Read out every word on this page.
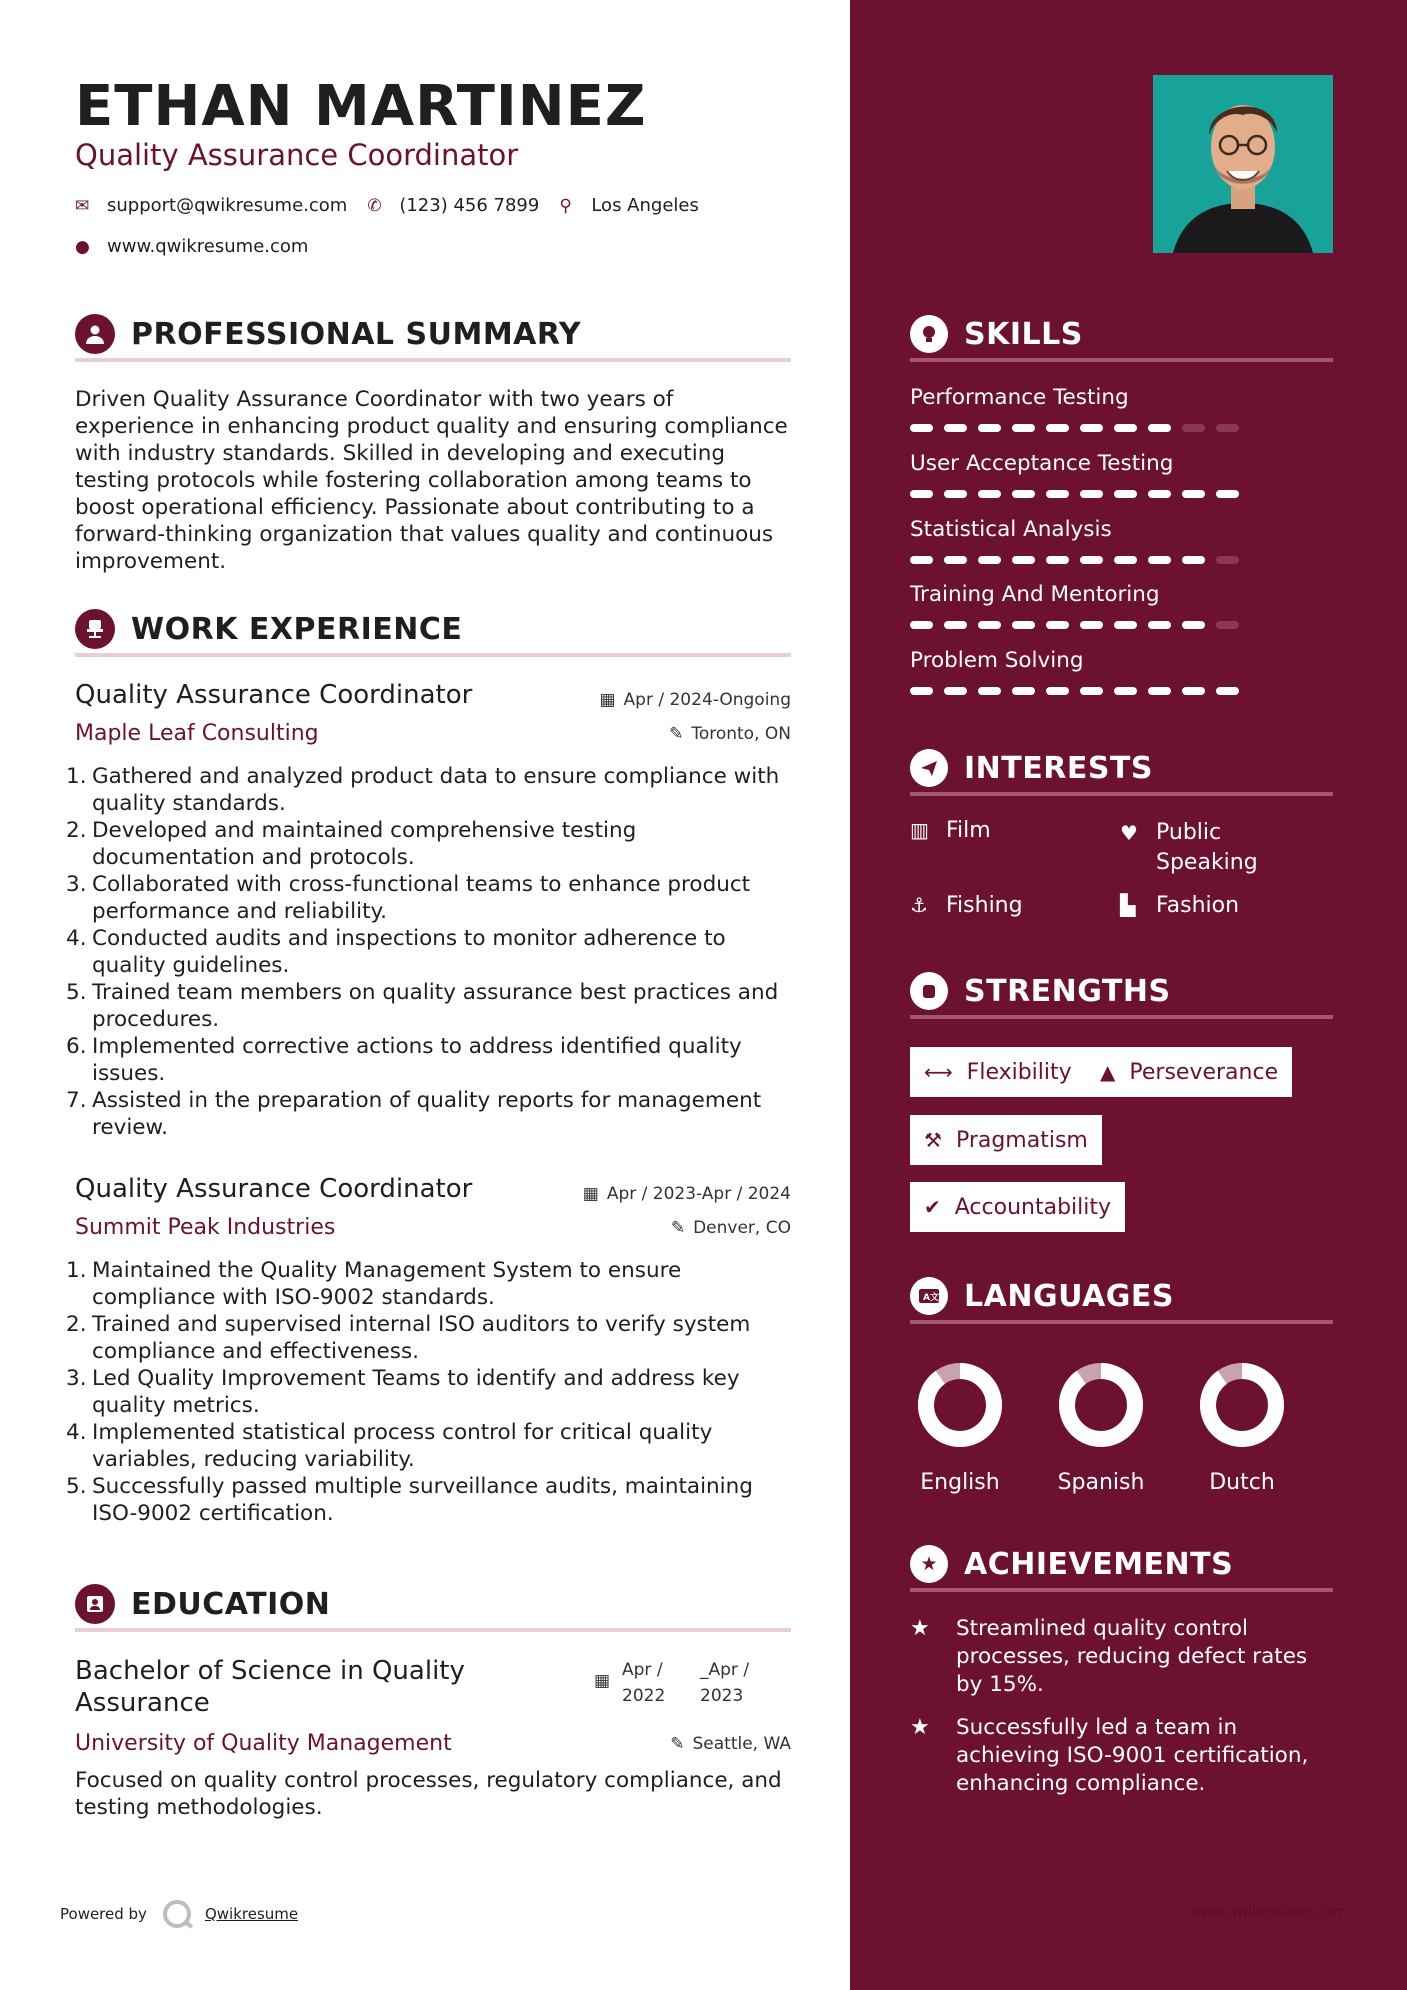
ETHAN MARTINEZ
Quality Assurance Coordinator
✉ support@qwikresume.com ✆ (123) 456 7899 ⚲	Los Angeles
● www.qwikresume.com
PROFESSIONAL SUMMARY
Driven Quality Assurance Coordinator with two years of experience in enhancing product quality and ensuring compliance with industry standards. Skilled in developing and executing testing protocols while fostering collaboration among teams to boost operational efficiency. Passionate about contributing to a forward-thinking organization that values quality and continuous improvement.
WORK EXPERIENCE
Quality Assurance Coordinator	▦ Apr / 2024-Ongoing
Maple Leaf Consulting	✎ Toronto, ON
Gathered and analyzed product data to ensure compliance with quality standards.
Developed and maintained comprehensive testing documentation and protocols.
Collaborated with cross-functional teams to enhance product performance and reliability.
Conducted audits and inspections to monitor adherence to quality guidelines.
Trained team members on quality assurance best practices and procedures.
Implemented corrective actions to address identified quality issues.
Assisted in the preparation of quality reports for management review.
Quality Assurance Coordinator	▦ Apr / 2023-Apr / 2024
Summit Peak Industries	✎ Denver, CO
Maintained the Quality Management System to ensure compliance with ISO-9002 standards.
Trained and supervised internal ISO auditors to verify system compliance and effectiveness.
Led Quality Improvement Teams to identify and address key quality metrics.
Implemented statistical process control for critical quality variables, reducing variability.
Successfully passed multiple surveillance audits, maintaining ISO-9002 certification.
EDUCATION
Bachelor of Science in Quality Assurance
▦
Apr / 2022
_Apr / 2023
University of Quality Management	✎ Seattle, WA
Focused on quality control processes, regulatory compliance, and testing methodologies.
Powered by	Qwikresume
SKILLS
Performance Testing
User Acceptance Testing
Statistical Analysis
Training And Mentoring
Problem Solving
INTERESTS
▥ Film	♥ Public Speaking
⚓ Fishing	▙ Fashion
STRENGTHS
⟷ Flexibility ▲ Perseverance
⚒ Pragmatism
✔ Accountability
A文 LANGUAGES
English	Spanish	Dutch
★ ACHIEVEMENTS
★	Streamlined quality control processes, reducing defect rates by 15%.
★	Successfully led a team in achieving ISO-9001 certification, enhancing compliance.
www.qwikresume.com
